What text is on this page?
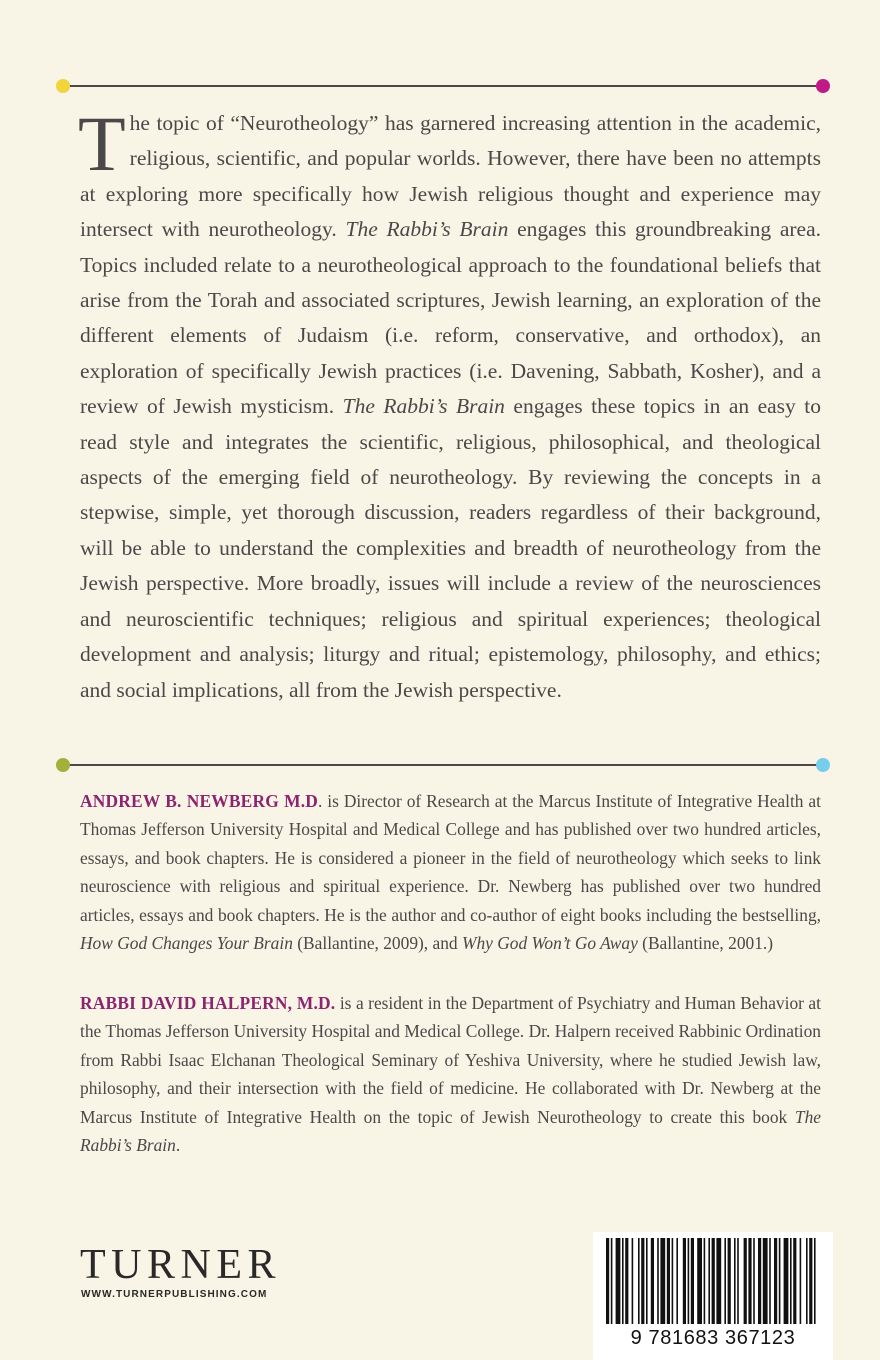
The topic of “Neurotheology” has garnered increasing attention in the academic, religious, scientific, and popular worlds. However, there have been no attempts at exploring more specifically how Jewish religious thought and experience may intersect with neurotheology. The Rabbi’s Brain engages this groundbreaking area. Topics included relate to a neurotheological approach to the foundational beliefs that arise from the Torah and associated scriptures, Jewish learning, an exploration of the different elements of Judaism (i.e. reform, conservative, and orthodox), an exploration of specifically Jewish practices (i.e. Davening, Sabbath, Kosher), and a review of Jewish mysticism. The Rabbi’s Brain engages these topics in an easy to read style and integrates the scientific, religious, philosophical, and theological aspects of the emerging field of neurotheology. By reviewing the concepts in a stepwise, simple, yet thorough discussion, readers regardless of their background, will be able to understand the complexities and breadth of neurotheology from the Jewish perspective. More broadly, issues will include a review of the neurosciences and neuroscientific techniques; religious and spiritual experiences; theological development and analysis; liturgy and ritual; epistemology, philosophy, and ethics; and social implications, all from the Jewish perspective.

ANDREW B. NEWBERG M.D. is Director of Research at the Marcus Institute of Integrative Health at Thomas Jefferson University Hospital and Medical College and has published over two hundred articles, essays, and book chapters. He is considered a pioneer in the field of neurotheology which seeks to link neuroscience with religious and spiritual experience. Dr. Newberg has published over two hundred articles, essays and book chapters. He is the author and co-author of eight books including the bestselling, How God Changes Your Brain (Ballantine, 2009), and Why God Won’t Go Away (Ballantine, 2001.)

RABBI DAVID HALPERN, M.D. is a resident in the Department of Psychiatry and Human Behavior at the Thomas Jefferson University Hospital and Medical College. Dr. Halpern received Rabbinic Ordination from Rabbi Isaac Elchanan Theological Seminary of Yeshiva University, where he studied Jewish law, philosophy, and their intersection with the field of medicine. He collaborated with Dr. Newberg at the Marcus Institute of Integrative Health on the topic of Jewish Neurotheology to create this book The Rabbi’s Brain.

TURNER
WWW.TURNERPUBLISHING.COM
9 781683 367123
